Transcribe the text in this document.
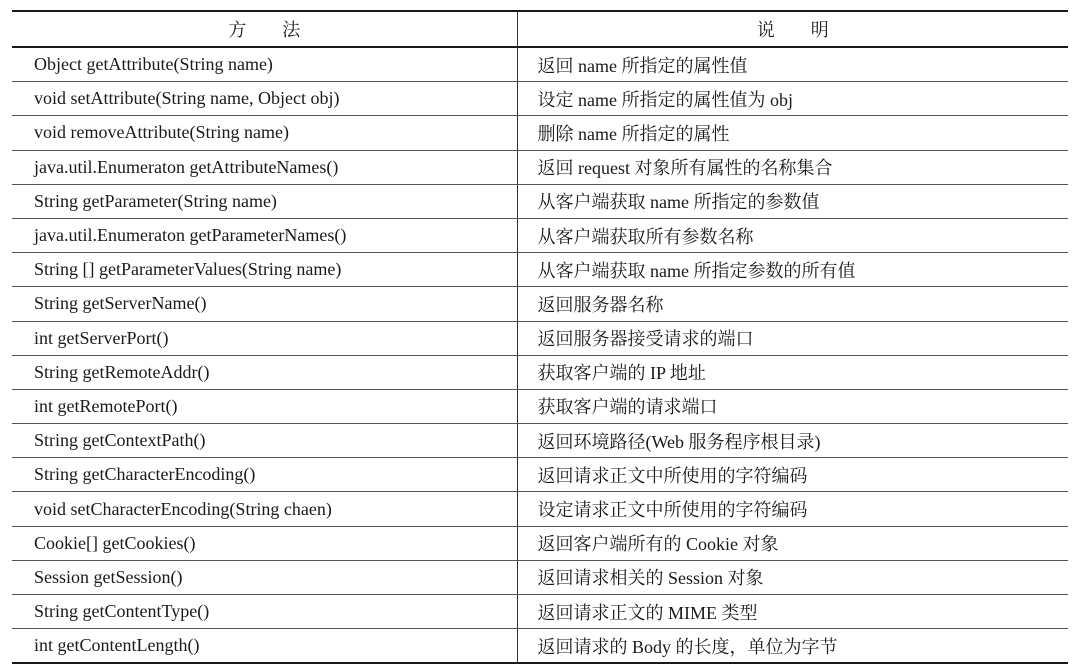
方　　法	说　　明
Object getAttribute(String name)	返回 name 所指定的属性值
void setAttribute(String name, Object obj)	设定 name 所指定的属性值为 obj
void removeAttribute(String name)	删除 name 所指定的属性
java.util.Enumeraton getAttributeNames()	返回 request 对象所有属性的名称集合
String getParameter(String name)	从客户端获取 name 所指定的参数值
java.util.Enumeraton getParameterNames()	从客户端获取所有参数名称
String [] getParameterValues(String name)	从客户端获取 name 所指定参数的所有值
String getServerName()	返回服务器名称
int getServerPort()	返回服务器接受请求的端口
String getRemoteAddr()	获取客户端的 IP 地址
int getRemotePort()	获取客户端的请求端口
String getContextPath()	返回环境路径(Web 服务程序根目录)
String getCharacterEncoding()	返回请求正文中所使用的字符编码
void setCharacterEncoding(String chaen)	设定请求正文中所使用的字符编码
Cookie[] getCookies()	返回客户端所有的 Cookie 对象
Session getSession()	返回请求相关的 Session 对象
String getContentType()	返回请求正文的 MIME 类型
int getContentLength()	返回请求的 Body 的长度，单位为字节
